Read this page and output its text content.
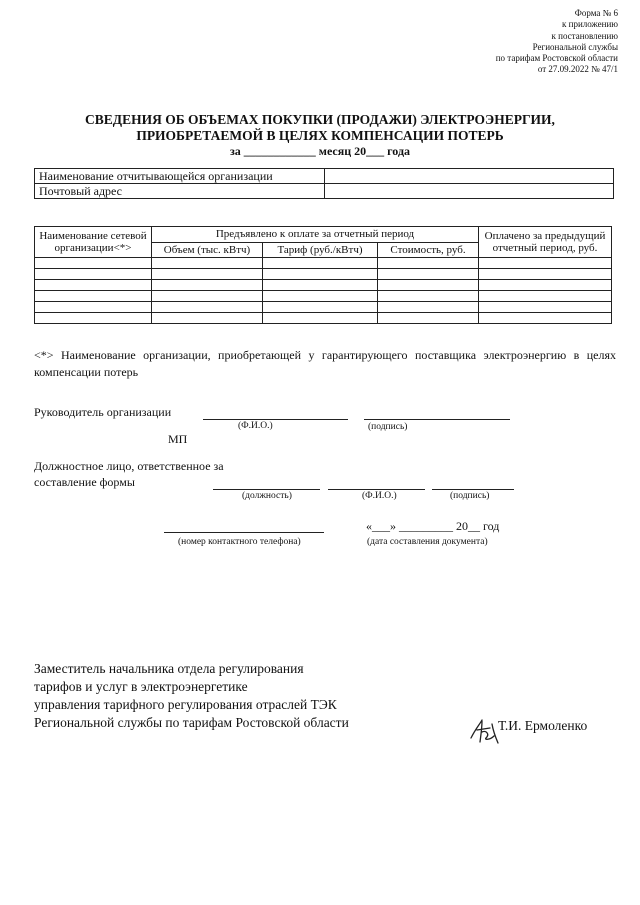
Форма № 6
к приложению
к постановлению
Региональной службы
по тарифам Ростовской области
от 27.09.2022 № 47/1
СВЕДЕНИЯ ОБ ОБЪЕМАХ ПОКУПКИ (ПРОДАЖИ) ЭЛЕКТРОЭНЕРГИИ,
ПРИОБРЕТАЕМОЙ В ЦЕЛЯХ КОМПЕНСАЦИИ ПОТЕРЬ
за ____________ месяц 20___ года
Наименование отчитывающейся организации	
Почтовый адрес	
Наименование сетевой организации<*>	Предъявлено к оплате за отчетный период			Оплачено за предыдущий отчетный период, руб.
	Объем (тыс. кВтч)	Тариф (руб./кВтч)	Стоимость, руб.	

<*> Наименование организации, приобретающей у гарантирующего поставщика электроэнергию в целях компенсации потерь
Руководитель организации
(Ф.И.О.)	(подпись)
МП
Должностное лицо, ответственное за
составление формы
(должность)	(Ф.И.О.)	(подпись)
«___» _________ 20__ год
(номер контактного телефона)	(дата составления документа)
Заместитель начальника отдела регулирования
тарифов и услуг в электроэнергетике
управления тарифного регулирования отраслей ТЭК
Региональной службы по тарифам Ростовской области	Т.И. Ермоленко
